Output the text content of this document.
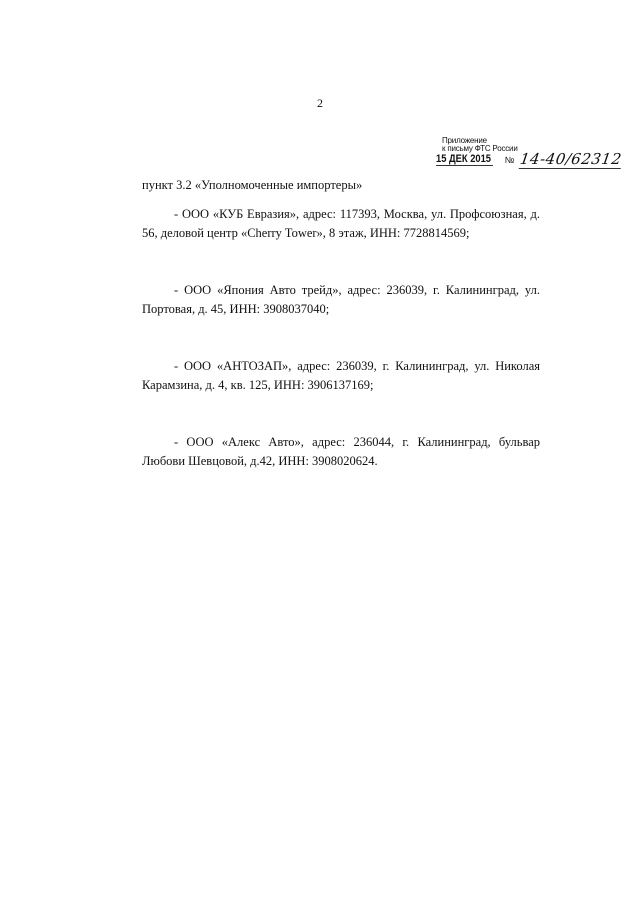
2
Приложение
к письму ФТС России
15 ДЕК 2015 № 14-40/62312

пункт 3.2 «Уполномоченные импортеры»

- ООО «КУБ Евразия», адрес: 117393, Москва, ул. Профсоюзная, д. 56, деловой центр «Cherry Tower», 8 этаж, ИНН: 7728814569;

- ООО «Япония Авто трейд», адрес: 236039, г. Калининград, ул. Портовая, д. 45, ИНН: 3908037040;

- ООО «АНТОЗАП», адрес: 236039, г. Калининград, ул. Николая Карамзина, д. 4, кв. 125, ИНН: 3906137169;

- ООО «Алекс Авто», адрес: 236044, г. Калининград, бульвар Любови Шевцовой, д.42, ИНН: 3908020624.
